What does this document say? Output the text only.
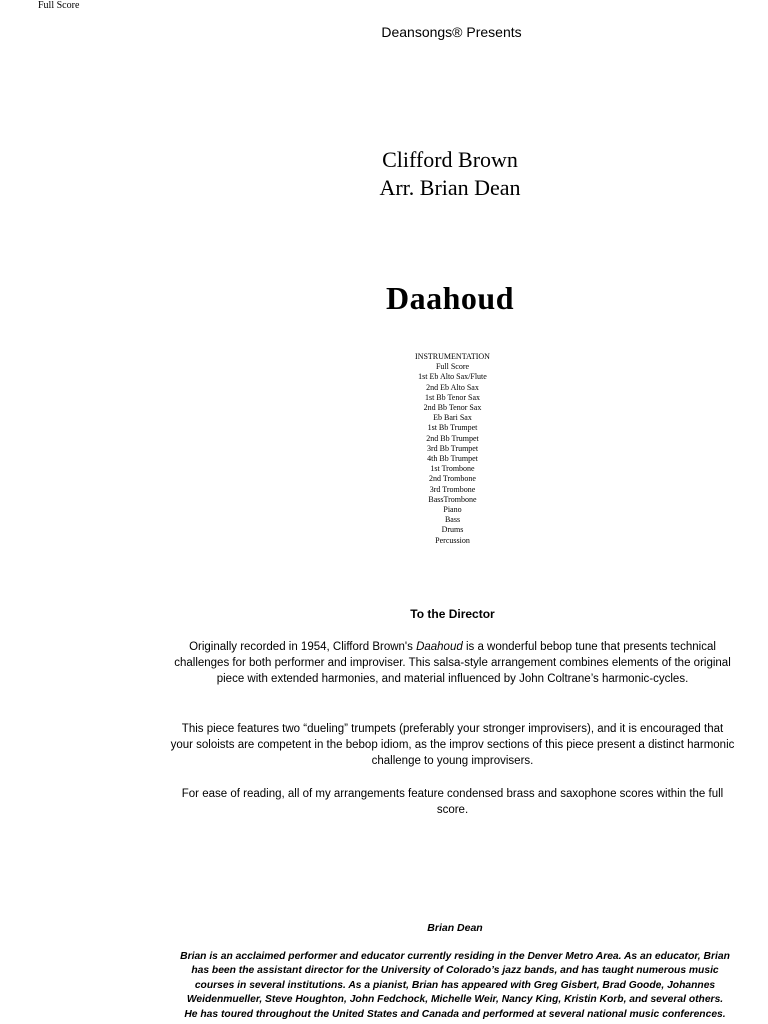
Full Score
Deansongs® Presents
Clifford Brown
Arr. Brian Dean
Daahoud
INSTRUMENTATION
Full Score
1st Eb Alto Sax/Flute
2nd Eb Alto Sax
1st Bb Tenor Sax
2nd Bb Tenor Sax
Eb Bari Sax
1st Bb Trumpet
2nd Bb Trumpet
3rd Bb Trumpet
4th Bb Trumpet
1st Trombone
2nd Trombone
3rd Trombone
BassTrombone
Piano
Bass
Drums
Percussion
To the Director
Originally recorded in 1954, Clifford Brown's Daahoud is a wonderful bebop tune that presents technical challenges for both performer and improviser. This salsa-style arrangement combines elements of the original piece with extended harmonies, and material influenced by John Coltrane’s harmonic-cycles.
This piece features two “dueling” trumpets (preferably your stronger improvisers), and it is encouraged that your soloists are competent in the bebop idiom, as the improv sections of this piece present a distinct harmonic challenge to young improvisers.
For ease of reading, all of my arrangements feature condensed brass and saxophone scores within the full score.
Brian Dean
Brian is an acclaimed performer and educator currently residing in the Denver Metro Area. As an educator, Brian has been the assistant director for the University of Colorado’s jazz bands, and has taught numerous music courses in several institutions. As a pianist, Brian has appeared with Greg Gisbert, Brad Goode, Johannes Weidenmueller, Steve Houghton, John Fedchock, Michelle Weir, Nancy King, Kristin Korb, and several others. He has toured throughout the United States and Canada and performed at several national music conferences.
